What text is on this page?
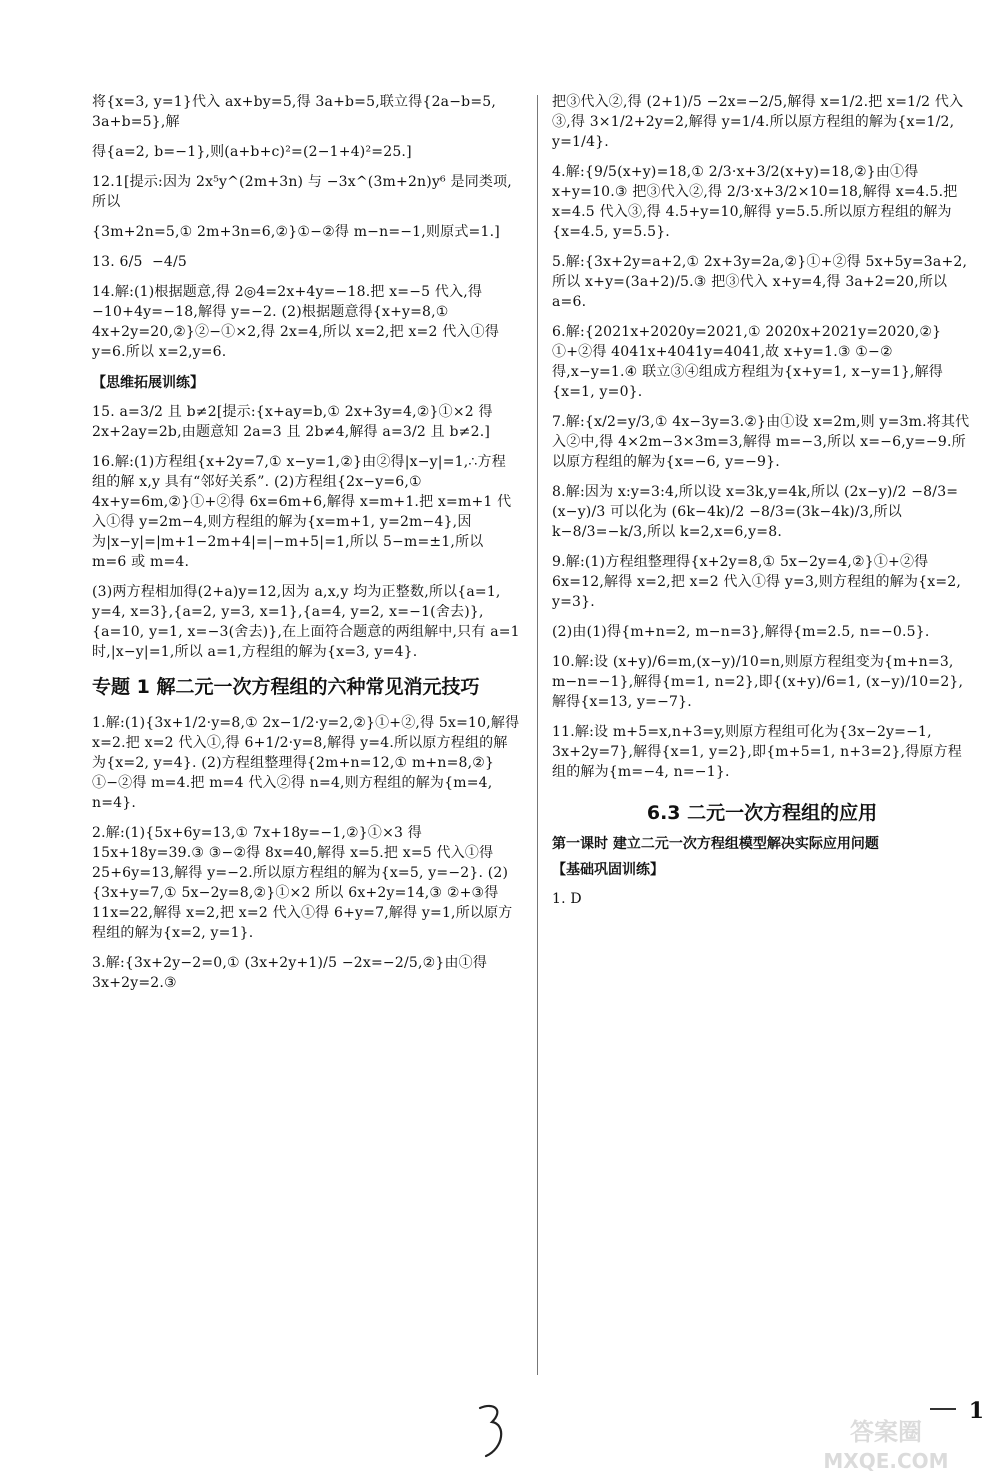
将{x=3, y=1}代入 ax+by=5,得 3a+b=5,联立得{2a−b=5, 3a+b=5},解

得{a=2, b=−1},则(a+b+c)²=(2−1+4)²=25.]

12.1[提示:因为 2x⁵y^(2m+3n) 与 −3x^(3m+2n)y⁶ 是同类项,所以

{3m+2n=5,① 2m+3n=6,②}①−②得 m−n=−1,则原式=1.]

13. 6/5  −4/5

14.解:(1)根据题意,得 2◎4=2x+4y=−18.把 x=−5 代入,得 −10+4y=−18,解得 y=−2. (2)根据题意得{x+y=8,① 4x+2y=20,②}②−①×2,得 2x=4,所以 x=2,把 x=2 代入①得 y=6.所以 x=2,y=6.

【思维拓展训练】

15. a=3/2 且 b≠2[提示:{x+ay=b,① 2x+3y=4,②}①×2 得 2x+2ay=2b,由题意知 2a=3 且 2b≠4,解得 a=3/2 且 b≠2.]

16.解:(1)方程组{x+2y=7,① x−y=1,②}由②得|x−y|=1,∴方程组的解 x,y 具有“邻好关系”. (2)方程组{2x−y=6,① 4x+y=6m,②}①+②得 6x=6m+6,解得 x=m+1.把 x=m+1 代入①得 y=2m−4,则方程组的解为{x=m+1, y=2m−4},因为|x−y|=|m+1−2m+4|=|−m+5|=1,所以 5−m=±1,所以 m=6 或 m=4.

(3)两方程相加得(2+a)y=12,因为 a,x,y 均为正整数,所以{a=1, y=4, x=3},{a=2, y=3, x=1},{a=4, y=2, x=−1(舍去)},{a=10, y=1, x=−3(舍去)},在上面符合题意的两组解中,只有 a=1 时,|x−y|=1,所以 a=1,方程组的解为{x=3, y=4}.

专题 1 解二元一次方程组的六种常见消元技巧

1.解:(1){3x+1/2·y=8,① 2x−1/2·y=2,②}①+②,得 5x=10,解得 x=2.把 x=2 代入①,得 6+1/2·y=8,解得 y=4.所以原方程组的解为{x=2, y=4}. (2)方程组整理得{2m+n=12,① m+n=8,②}①−②得 m=4.把 m=4 代入②得 n=4,则方程组的解为{m=4, n=4}.

2.解:(1){5x+6y=13,① 7x+18y=−1,②}①×3 得 15x+18y=39.③ ③−②得 8x=40,解得 x=5.把 x=5 代入①得 25+6y=13,解得 y=−2.所以原方程组的解为{x=5, y=−2}. (2){3x+y=7,① 5x−2y=8,②}①×2 所以 6x+2y=14,③ ②+③得 11x=22,解得 x=2,把 x=2 代入①得 6+y=7,解得 y=1,所以原方程组的解为{x=2, y=1}.

3.解:{3x+2y−2=0,① (3x+2y+1)/5 −2x=−2/5,②}由①得 3x+2y=2.③

把③代入②,得 (2+1)/5 −2x=−2/5,解得 x=1/2.把 x=1/2 代入③,得 3×1/2+2y=2,解得 y=1/4.所以原方程组的解为{x=1/2, y=1/4}.

4.解:{9/5(x+y)=18,① 2/3·x+3/2(x+y)=18,②}由①得 x+y=10.③ 把③代入②,得 2/3·x+3/2×10=18,解得 x=4.5.把 x=4.5 代入③,得 4.5+y=10,解得 y=5.5.所以原方程组的解为{x=4.5, y=5.5}.

5.解:{3x+2y=a+2,① 2x+3y=2a,②}①+②得 5x+5y=3a+2,所以 x+y=(3a+2)/5.③ 把③代入 x+y=4,得 3a+2=20,所以 a=6.

6.解:{2021x+2020y=2021,① 2020x+2021y=2020,②}①+②得 4041x+4041y=4041,故 x+y=1.③ ①−②得,x−y=1.④ 联立③④组成方程组为{x+y=1, x−y=1},解得{x=1, y=0}.

7.解:{x/2=y/3,① 4x−3y=3.②}由①设 x=2m,则 y=3m.将其代入②中,得 4×2m−3×3m=3,解得 m=−3,所以 x=−6,y=−9.所以原方程组的解为{x=−6, y=−9}.

8.解:因为 x:y=3:4,所以设 x=3k,y=4k,所以 (2x−y)/2 −8/3=(x−y)/3 可以化为 (6k−4k)/2 −8/3=(3k−4k)/3,所以 k−8/3=−k/3,所以 k=2,x=6,y=8.

9.解:(1)方程组整理得{x+2y=8,① 5x−2y=4,②}①+②得 6x=12,解得 x=2,把 x=2 代入①得 y=3,则方程组的解为{x=2, y=3}.

(2)由(1)得{m+n=2, m−n=3},解得{m=2.5, n=−0.5}.

10.解:设 (x+y)/6=m,(x−y)/10=n,则原方程组变为{m+n=3, m−n=−1},解得{m=1, n=2},即{(x+y)/6=1, (x−y)/10=2},解得{x=13, y=−7}.

11.解:设 m+5=x,n+3=y,则原方程组可化为{3x−2y=−1, 3x+2y=7},解得{x=1, y=2},即{m+5=1, n+3=2},得原方程组的解为{m=−4, n=−1}.

6.3 二元一次方程组的应用
第一课时 建立二元一次方程组模型解决实际应用问题
【基础巩固训练】

1. D

1
答案圈
MXQE.COM
